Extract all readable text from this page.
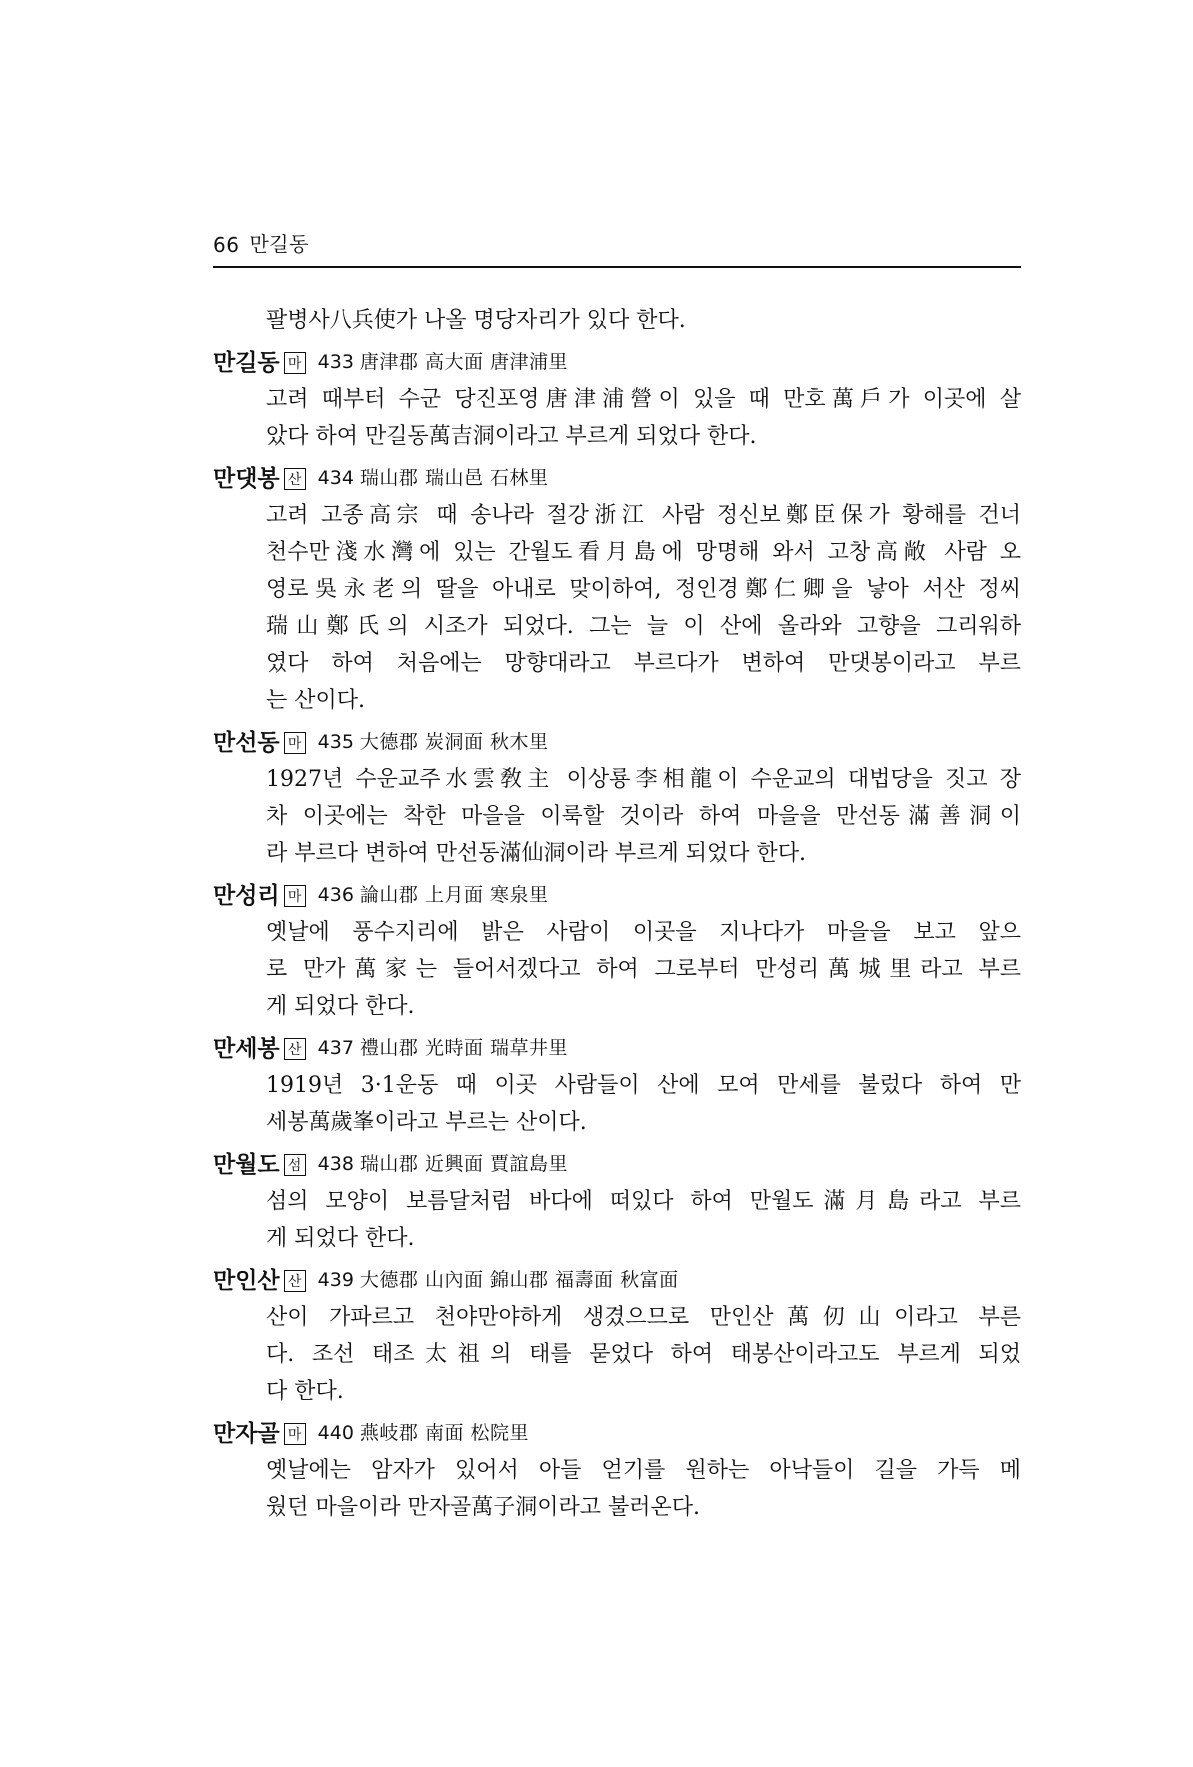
66 만길동
팔병사八兵使가 나올 명당자리가 있다 한다.
만길동 마 433 唐津郡 高大面 唐津浦里
고려 때부터 수군 당진포영唐津浦營이 있을 때 만호萬戶가 이곳에 살
았다 하여 만길동萬吉洞이라고 부르게 되었다 한다.
만댓봉 산 434 瑞山郡 瑞山邑 石林里
고려 고종高宗 때 송나라 절강浙江 사람 정신보鄭臣保가 황해를 건너
천수만淺水灣에 있는 간월도看月島에 망명해 와서 고창高敞 사람 오
영로吳永老의 딸을 아내로 맞이하여, 정인경鄭仁卿을 낳아 서산 정씨
瑞山鄭氏의 시조가 되었다. 그는 늘 이 산에 올라와 고향을 그리워하
였다 하여 처음에는 망향대라고 부르다가 변하여 만댓봉이라고 부르
는 산이다.
만선동 마 435 大德郡 炭洞面 秋木里
1927년 수운교주水雲敎主 이상룡李相龍이 수운교의 대법당을 짓고 장
차 이곳에는 착한 마을을 이룩할 것이라 하여 마을을 만선동滿善洞이
라 부르다 변하여 만선동滿仙洞이라 부르게 되었다 한다.
만성리 마 436 論山郡 上月面 寒泉里
옛날에 풍수지리에 밝은 사람이 이곳을 지나다가 마을을 보고 앞으
로 만가萬家는 들어서겠다고 하여 그로부터 만성리萬城里라고 부르
게 되었다 한다.
만세봉 산 437 禮山郡 光時面 瑞草井里
1919년 3·1운동 때 이곳 사람들이 산에 모여 만세를 불렀다 하여 만
세봉萬歲峯이라고 부르는 산이다.
만월도 섬 438 瑞山郡 近興面 賈誼島里
섬의 모양이 보름달처럼 바다에 떠있다 하여 만월도滿月島라고 부르
게 되었다 한다.
만인산 산 439 大德郡 山內面 錦山郡 福壽面 秋富面
산이 가파르고 천야만야하게 생겼으므로 만인산萬仞山이라고 부른
다. 조선 태조太祖의 태를 묻었다 하여 태봉산이라고도 부르게 되었
다 한다.
만자골 마 440 燕岐郡 南面 松院里
옛날에는 암자가 있어서 아들 얻기를 원하는 아낙들이 길을 가득 메
웠던 마을이라 만자골萬子洞이라고 불러온다.
